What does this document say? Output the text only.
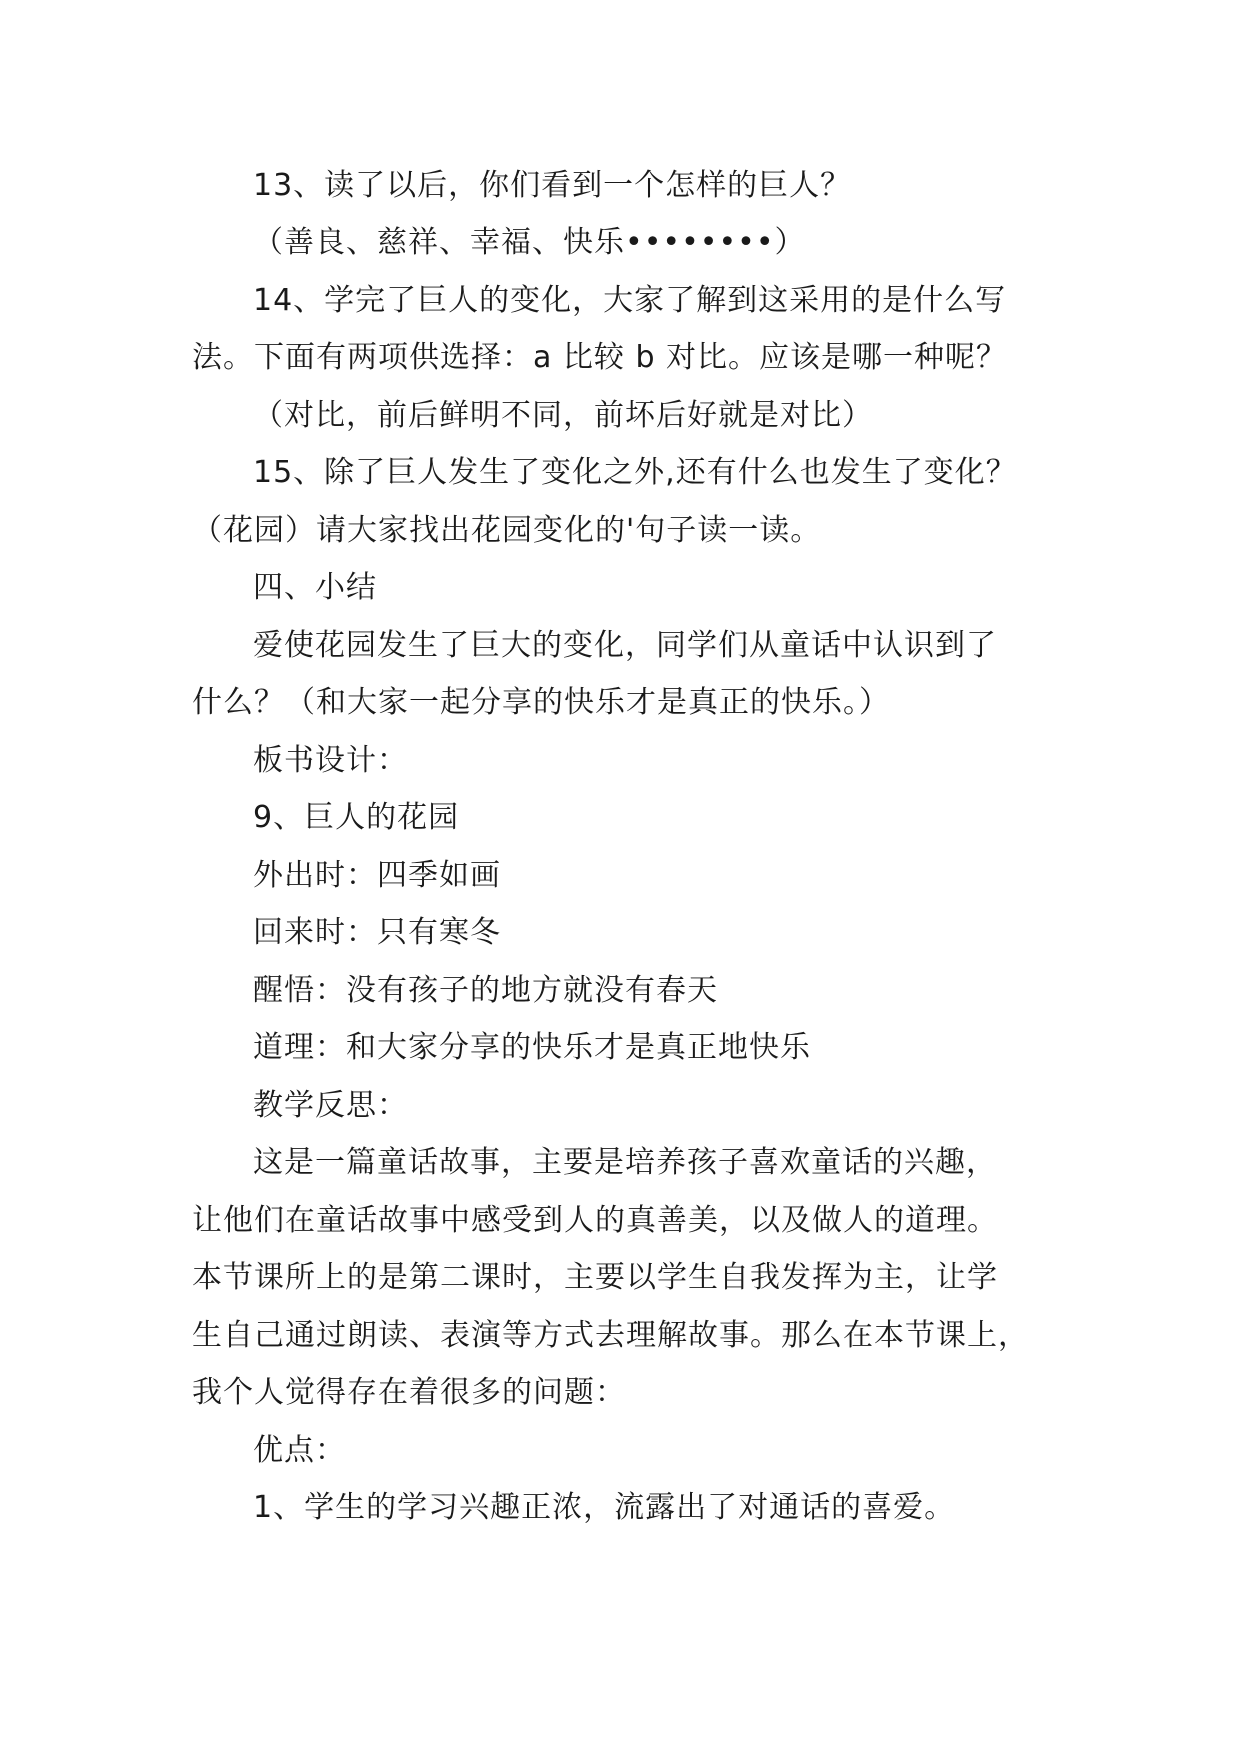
13、读了以后，你们看到一个怎样的巨人？
（善良、慈祥、幸福、快乐••••••••）
14、学完了巨人的变化，大家了解到这采用的是什么写
法。下面有两项供选择：a 比较 b 对比。应该是哪一种呢？
（对比，前后鲜明不同，前坏后好就是对比）
15、除了巨人发生了变化之外,还有什么也发生了变化？
（花园）请大家找出花园变化的'句子读一读。
四、小结
爱使花园发生了巨大的变化，同学们从童话中认识到了
什么？（和大家一起分享的快乐才是真正的快乐。）
板书设计：
9、巨人的花园
外出时：四季如画
回来时：只有寒冬
醒悟：没有孩子的地方就没有春天
道理：和大家分享的快乐才是真正地快乐
教学反思：
这是一篇童话故事，主要是培养孩子喜欢童话的兴趣，
让他们在童话故事中感受到人的真善美，以及做人的道理。
本节课所上的是第二课时，主要以学生自我发挥为主，让学
生自己通过朗读、表演等方式去理解故事。那么在本节课上，
我个人觉得存在着很多的问题：
优点：
1、学生的学习兴趣正浓，流露出了对通话的喜爱。
